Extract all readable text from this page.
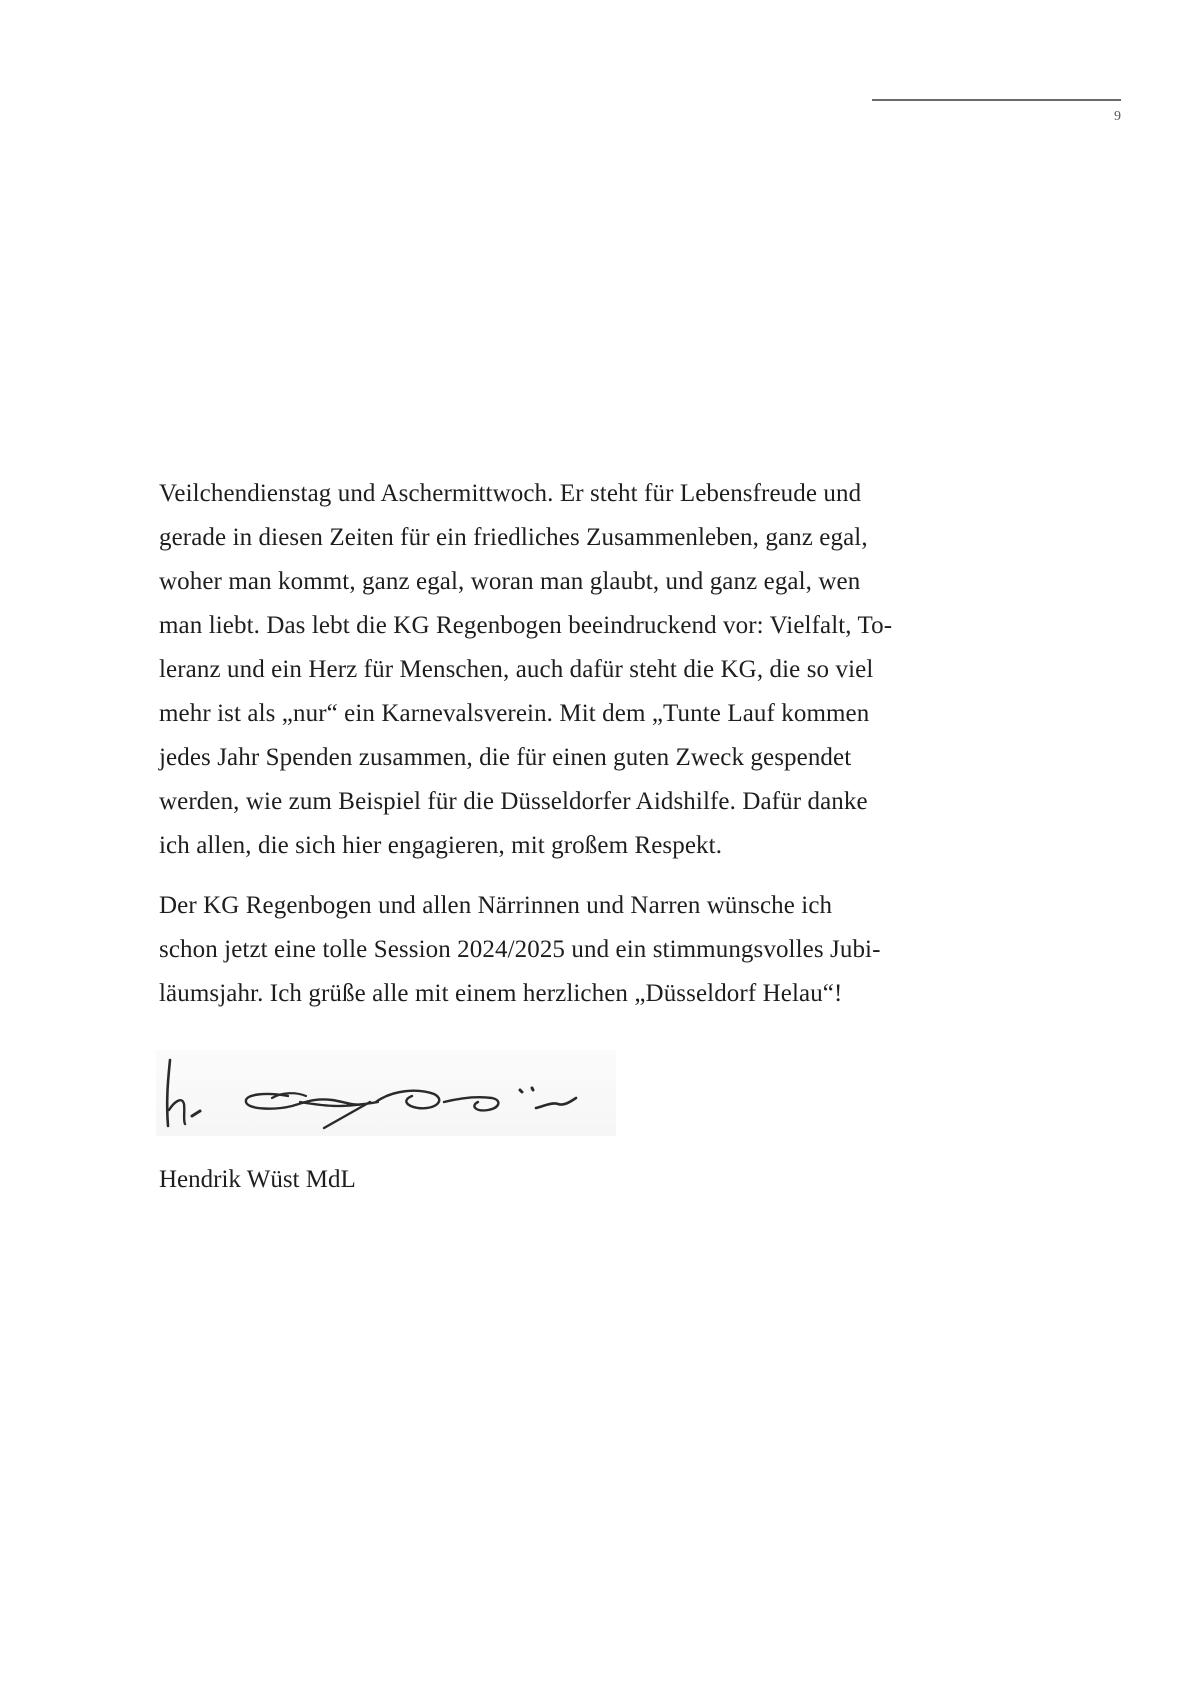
9

Veilchendienstag und Aschermittwoch. Er steht für Lebensfreude und
gerade in diesen Zeiten für ein friedliches Zusammenleben, ganz egal,
woher man kommt, ganz egal, woran man glaubt, und ganz egal, wen
man liebt. Das lebt die KG Regenbogen beeindruckend vor: Vielfalt, To-
leranz und ein Herz für Menschen, auch dafür steht die KG, die so viel
mehr ist als „nur“ ein Karnevalsverein. Mit dem „Tunte Lauf kommen
jedes Jahr Spenden zusammen, die für einen guten Zweck gespendet
werden, wie zum Beispiel für die Düsseldorfer Aidshilfe. Dafür danke
ich allen, die sich hier engagieren, mit großem Respekt.

Der KG Regenbogen und allen Närrinnen und Narren wünsche ich
schon jetzt eine tolle Session 2024/2025 und ein stimmungsvolles Jubi-
läumsjahr. Ich grüße alle mit einem herzlichen „Düsseldorf Helau“!

Hendrik Wüst MdL
